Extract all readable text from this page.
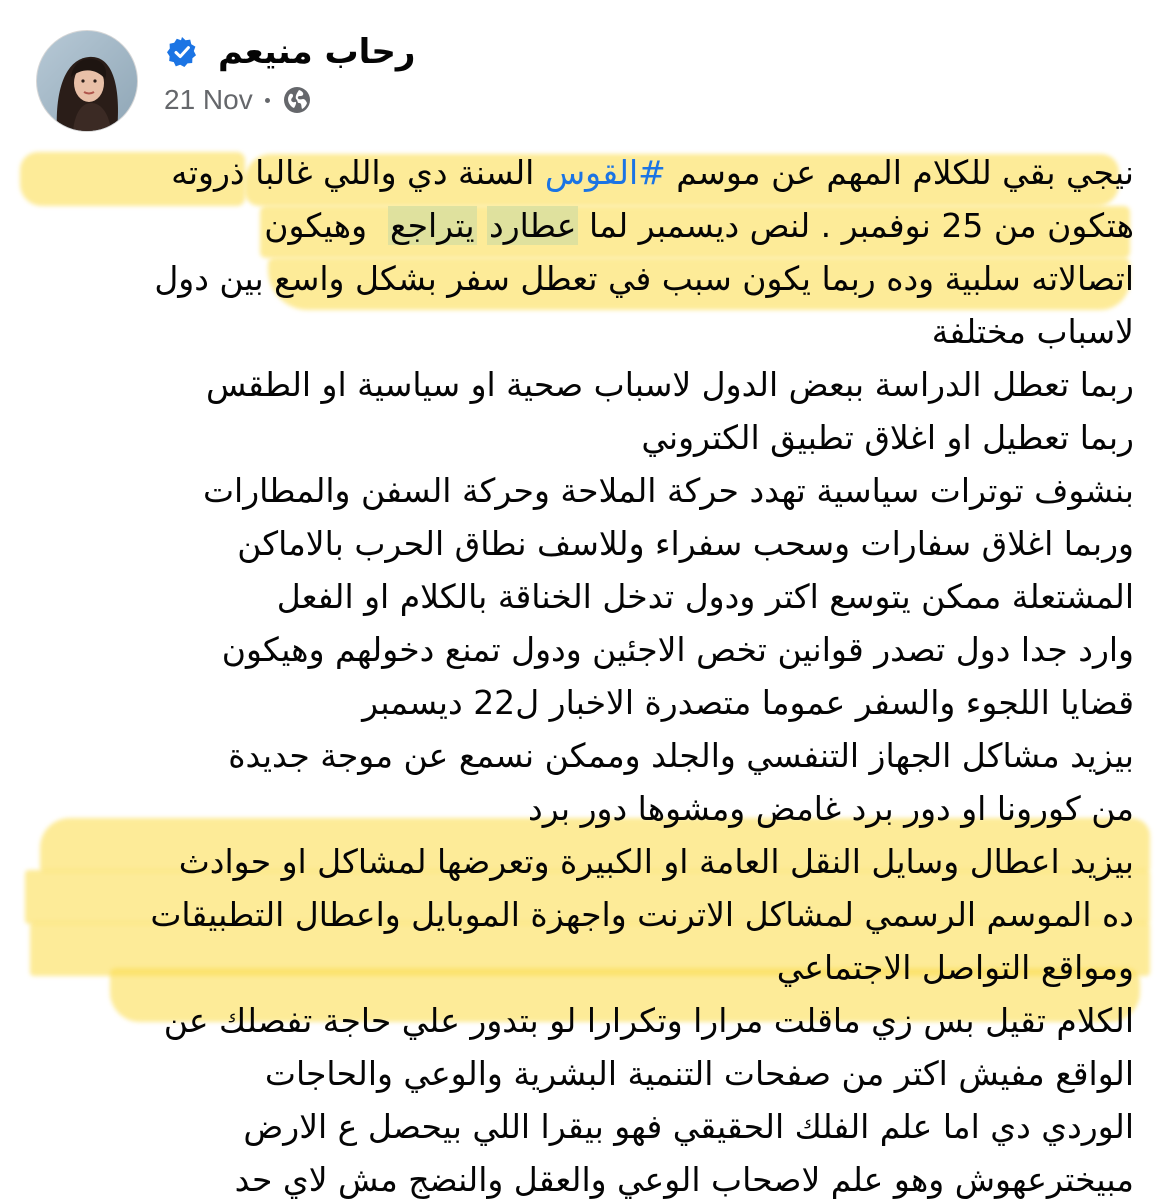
رحاب منيعم
21 Nov
نيجي بقي للكلام المهم عن موسم #القوس السنة دي واللي غالبا ذروته
هتكون من 25 نوفمبر . لنص ديسمبر لما عطارد يتراجع  وهيكون
اتصالاته سلبية وده ربما يكون سبب في تعطل سفر بشكل واسع بين دول
لاسباب مختلفة
ربما تعطل الدراسة ببعض الدول لاسباب صحية او سياسية او الطقس
ربما تعطيل او اغلاق تطبيق الكتروني
بنشوف توترات سياسية تهدد حركة الملاحة وحركة السفن والمطارات
وربما اغلاق سفارات وسحب سفراء وللاسف نطاق الحرب بالاماكن
المشتعلة ممكن يتوسع اكتر ودول تدخل الخناقة بالكلام او الفعل
وارد جدا دول تصدر قوانين تخص الاجئين ودول تمنع دخولهم وهيكون
قضايا اللجوء والسفر عموما متصدرة الاخبار ل22 ديسمبر
بيزيد مشاكل الجهاز التنفسي والجلد وممكن نسمع عن موجة جديدة
من كورونا او دور برد غامض ومشوها دور برد
بيزيد اعطال وسايل النقل العامة او الكبيرة وتعرضها لمشاكل او حوادث
ده الموسم الرسمي لمشاكل الاترنت واجهزة الموبايل واعطال التطبيقات
ومواقع التواصل الاجتماعي
الكلام تقيل بس زي ماقلت مرارا وتكرارا لو بتدور علي حاجة تفصلك عن
الواقع مفيش اكتر من صفحات التنمية البشرية والوعي والحاجات
الوردي دي اما علم الفلك الحقيقي فهو بيقرا اللي بيحصل ع الارض
مبيخترعهوش وهو علم لاصحاب الوعي والعقل والنضج مش لاي حد
